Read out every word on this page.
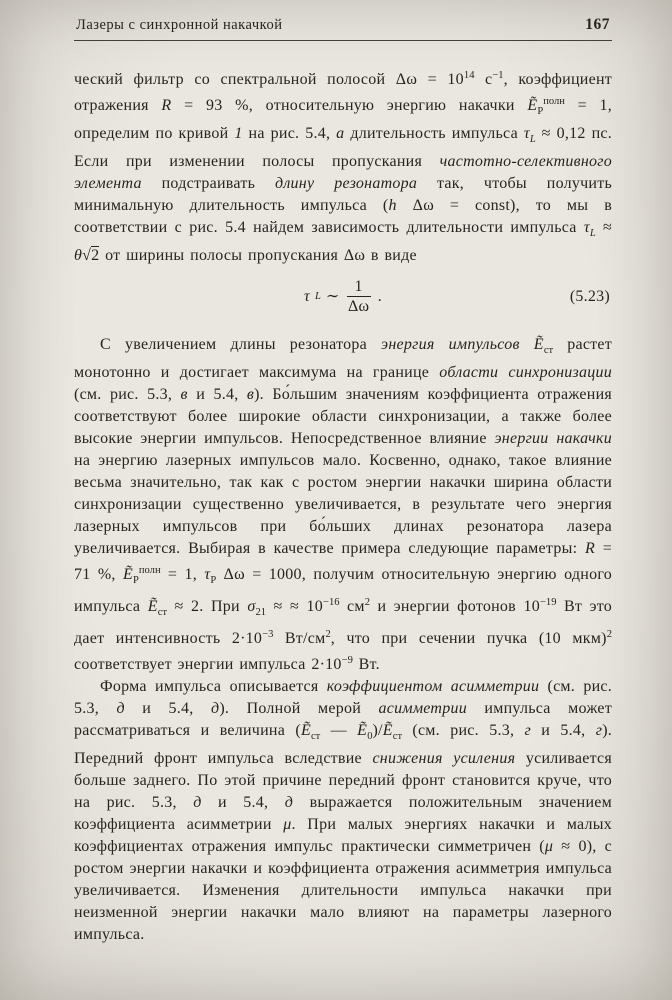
Лазеры с синхронной накачкой	167

ческий фильтр со спектральной полосой $\Delta\omega = 10^{14}$ $с^{-1}$, коэффициент отражения R = 93 %, относительную энергию накачки Ẽ$_Р^{полн}$ = 1, определим по кривой 1 на рис. 5.4, а длительность импульса $\tau_L \approx 0,12$ пс. Если при изменении полосы пропускания частотно-селективного элемента подстраивать длину резонатора так, чтобы получить минимальную длительность импульса (h Δω = const), то мы в соответствии с рис. 5.4 найдем зависимость длительности импульса $\tau_L \approx \theta√2$ от ширины полосы пропускания Δω в виде

τ L ∼ $\frac{1}{\Delta\omega}$ .	(5.23)

С увеличением длины резонатора энергия импульсов Ẽ$_{ст}$ растет монотонно и достигает максимума на границе области синхронизации (см. рис. 5.3, в и 5.4, в). Бо́льшим значениям коэффициента отражения соответствуют более широкие области синхронизации, а также более высокие энергии импульсов. Непосредственное влияние энергии накачки на энергию лазерных импульсов мало. Косвенно, однако, такое влияние весьма значительно, так как с ростом энергии накачки ширина области синхронизации существенно увеличивается, в результате чего энергия лазерных импульсов при бо́льших длинах резонатора лазера увеличивается. Выбирая в качестве примера следующие параметры: R = 71 %, Ẽ$_Р^{полн}$ = 1, $\tau_Р$ Δω = 1000, получим относительную энергию одного импульса Ẽ$_{ст}$ ≈ 2. При $\sigma_{21}$ ≈ ≈ $10^{-16}$ $см^2$ и энергии фотонов $10^{-19}$ Вт это дает интенсивность $2\cdot 10^{-3}$ $Вт/см^2$, что при сечении пучка (10 мкм)$^2$ соответствует энергии импульса $2\cdot 10^{-9}$ Вт.

Форма импульса описывается коэффициентом асимметрии (см. рис. 5.3, д и 5.4, д). Полной мерой асимметрии импульса может рассматриваться и величина (Ẽ$_{ст}$ — Ẽ$_0$)/Ẽ$_{ст}$ (см. рис. 5.3, г и 5.4, г). Передний фронт импульса вследствие снижения усиления усиливается больше заднего. По этой причине передний фронт становится круче, что на рис. 5.3, д и 5.4, д выражается положительным значением коэффициента асимметрии μ. При малых энергиях накачки и малых коэффициентах отражения импульс практически симметричен (μ ≈ 0), с ростом энергии накачки и коэффициента отражения асимметрия импульса увеличивается. Изменения длительности импульса накачки при неизменной энергии накачки мало влияют на параметры лазерного импульса.
